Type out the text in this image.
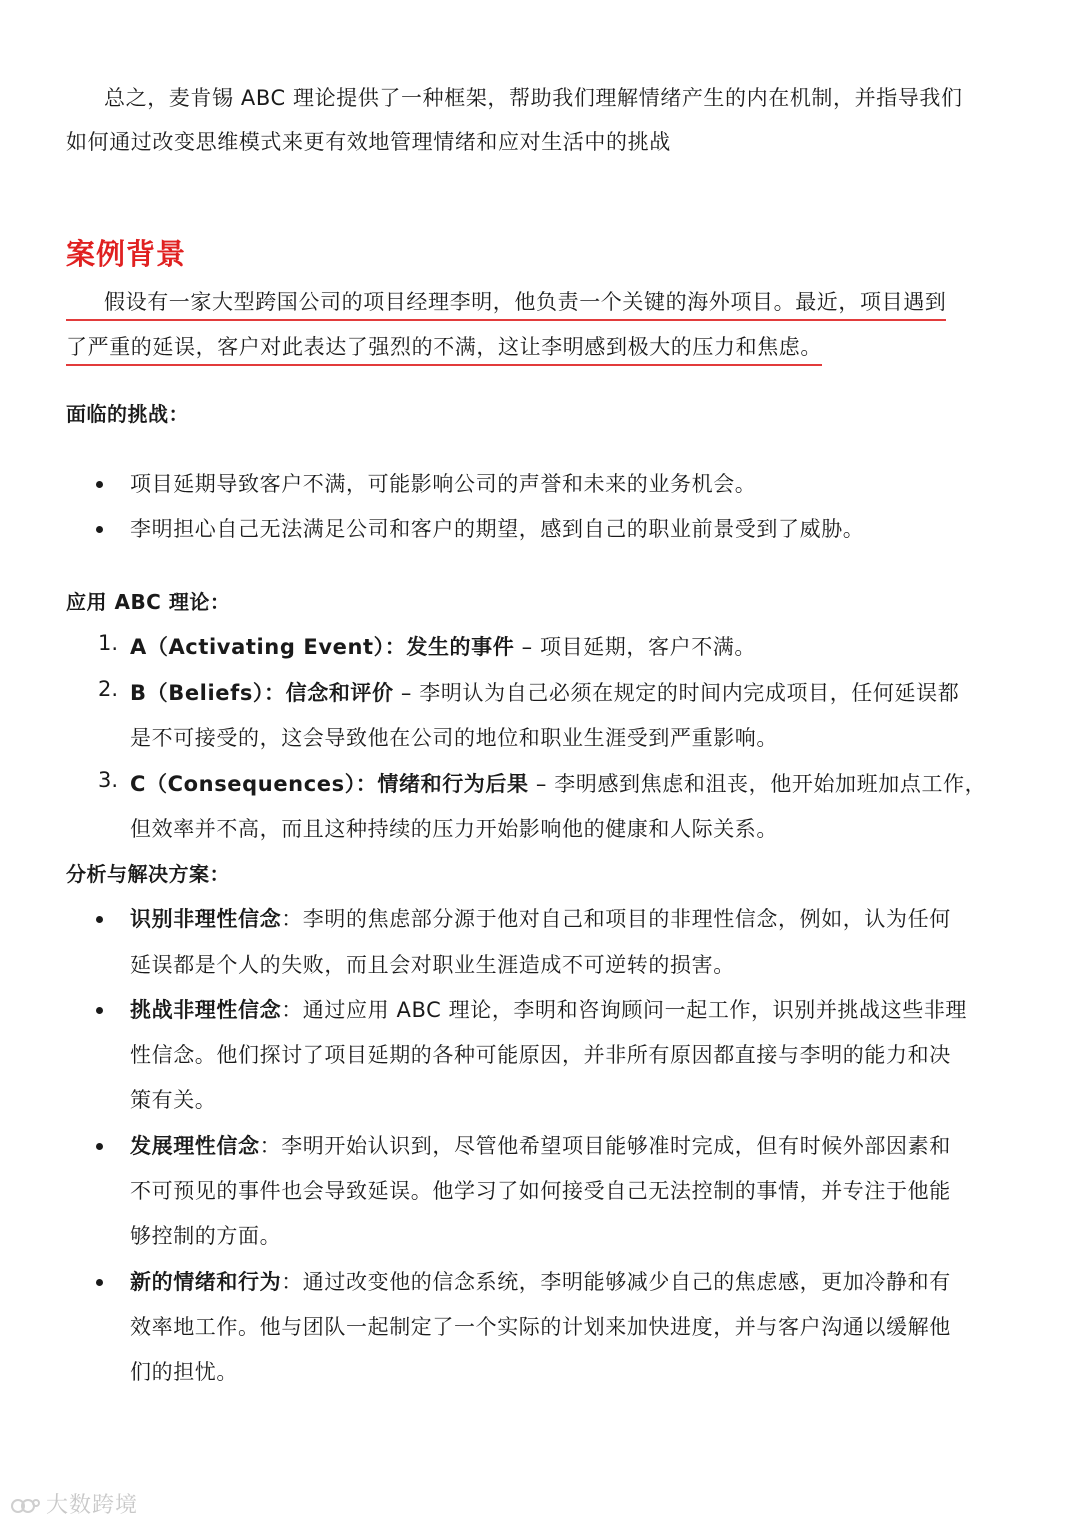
总之，麦肯锡 ABC 理论提供了一种框架，帮助我们理解情绪产生的内在机制，并指导我们
如何通过改变思维模式来更有效地管理情绪和应对生活中的挑战
案例背景
假设有一家大型跨国公司的项目经理李明，他负责一个关键的海外项目。最近，项目遇到
了严重的延误，客户对此表达了强烈的不满，这让李明感到极大的压力和焦虑。
面临的挑战：
项目延期导致客户不满，可能影响公司的声誉和未来的业务机会。
李明担心自己无法满足公司和客户的期望，感到自己的职业前景受到了威胁。
应用 ABC 理论：
1. A（Activating Event）：发生的事件 – 项目延期，客户不满。
2. B（Beliefs）：信念和评价 – 李明认为自己必须在规定的时间内完成项目，任何延误都
是不可接受的，这会导致他在公司的地位和职业生涯受到严重影响。
3. C（Consequences）：情绪和行为后果 – 李明感到焦虑和沮丧，他开始加班加点工作，
但效率并不高，而且这种持续的压力开始影响他的健康和人际关系。
分析与解决方案：
识别非理性信念：李明的焦虑部分源于他对自己和项目的非理性信念，例如，认为任何
延误都是个人的失败，而且会对职业生涯造成不可逆转的损害。
挑战非理性信念：通过应用 ABC 理论，李明和咨询顾问一起工作，识别并挑战这些非理
性信念。他们探讨了项目延期的各种可能原因，并非所有原因都直接与李明的能力和决
策有关。
发展理性信念：李明开始认识到，尽管他希望项目能够准时完成，但有时候外部因素和
不可预见的事件也会导致延误。他学习了如何接受自己无法控制的事情，并专注于他能
够控制的方面。
新的情绪和行为：通过改变他的信念系统，李明能够减少自己的焦虑感，更加冷静和有
效率地工作。他与团队一起制定了一个实际的计划来加快进度，并与客户沟通以缓解他
们的担忧。
大数跨境
